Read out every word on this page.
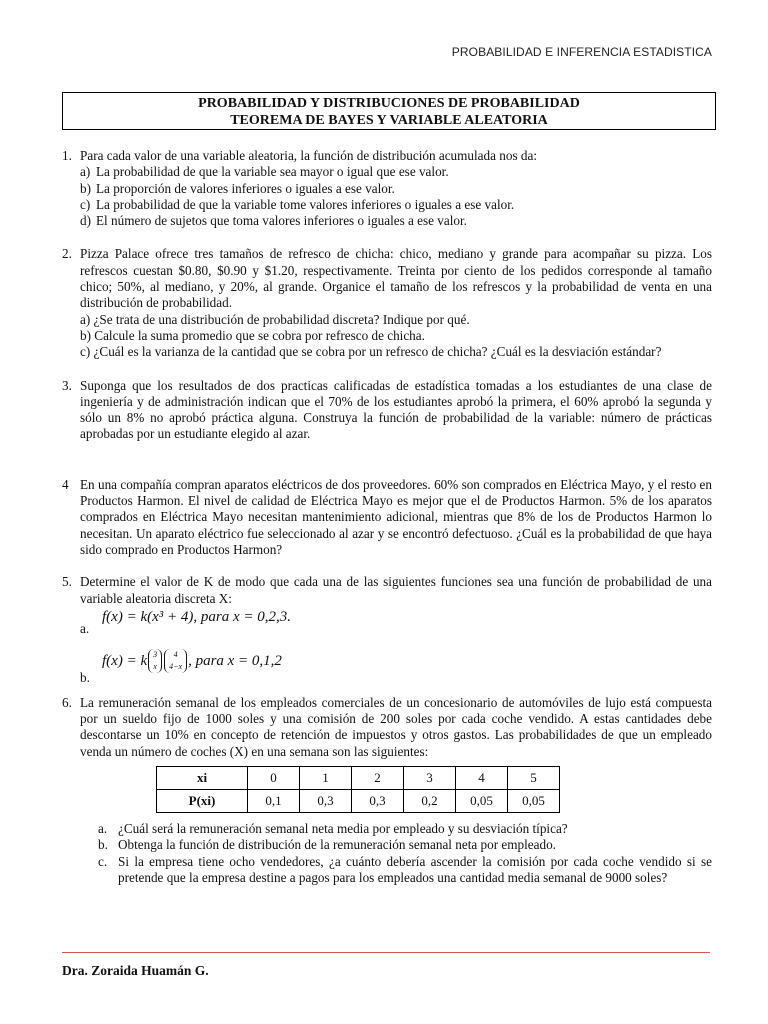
PROBABILIDAD E INFERENCIA ESTADISTICA
PROBABILIDAD Y DISTRIBUCIONES DE PROBABILIDAD
TEOREMA DE BAYES Y VARIABLE ALEATORIA
1. Para cada valor de una variable aleatoria, la función de distribución acumulada nos da:
a) La probabilidad de que la variable sea mayor o igual que ese valor.
b) La proporción de valores inferiores o iguales a ese valor.
c) La probabilidad de que la variable tome valores inferiores o iguales a ese valor.
d) El número de sujetos que toma valores inferiores o iguales a ese valor.
2. Pizza Palace ofrece tres tamaños de refresco de chicha: chico, mediano y grande para acompañar su pizza. Los refrescos cuestan $0.80, $0.90 y $1.20, respectivamente. Treinta por ciento de los pedidos corresponde al tamaño chico; 50%, al mediano, y 20%, al grande. Organice el tamaño de los refrescos y la probabilidad de venta en una distribución de probabilidad.
a) ¿Se trata de una distribución de probabilidad discreta? Indique por qué.
b) Calcule la suma promedio que se cobra por refresco de chicha.
c) ¿Cuál es la varianza de la cantidad que se cobra por un refresco de chicha? ¿Cuál es la desviación estándar?
3. Suponga que los resultados de dos practicas calificadas de estadística tomadas a los estudiantes de una clase de ingeniería y de administración indican que el 70% de los estudiantes aprobó la primera, el 60% aprobó la segunda y sólo un 8% no aprobó práctica alguna. Construya la función de probabilidad de la variable: número de prácticas aprobadas por un estudiante elegido al azar.
4 En una compañía compran aparatos eléctricos de dos proveedores. 60% son comprados en Eléctrica Mayo, y el resto en Productos Harmon. El nivel de calidad de Eléctrica Mayo es mejor que el de Productos Harmon. 5% de los aparatos comprados en Eléctrica Mayo necesitan mantenimiento adicional, mientras que 8% de los de Productos Harmon lo necesitan. Un aparato eléctrico fue seleccionado al azar y se encontró defectuoso. ¿Cuál es la probabilidad de que haya sido comprado en Productos Harmon?
5. Determine el valor de K de modo que cada una de las siguientes funciones sea una función de probabilidad de una variable aleatoria discreta X:
a.
f(x) = k(x³ + 4), para x = 0,2,3.
b.
f(x) = k 3
x
4
4−x , para x = 0,1,2
6. La remuneración semanal de los empleados comerciales de un concesionario de automóviles de lujo está compuesta por un sueldo fijo de 1000 soles y una comisión de 200 soles por cada coche vendido. A estas cantidades debe descontarse un 10% en concepto de retención de impuestos y otros gastos. Las probabilidades de que un empleado venda un número de coches (X) en una semana son las siguientes:
xi	0	1	2	3	4	5
P(xi)	0,1	0,3	0,3	0,2	0,05	0,05
a. ¿Cuál será la remuneración semanal neta media por empleado y su desviación típica?
b. Obtenga la función de distribución de la remuneración semanal neta por empleado.
c. Si la empresa tiene ocho vendedores, ¿a cuánto debería ascender la comisión por cada coche vendido si se pretende que la empresa destine a pagos para los empleados una cantidad media semanal de 9000 soles?
Dra. Zoraida Huamán G.
